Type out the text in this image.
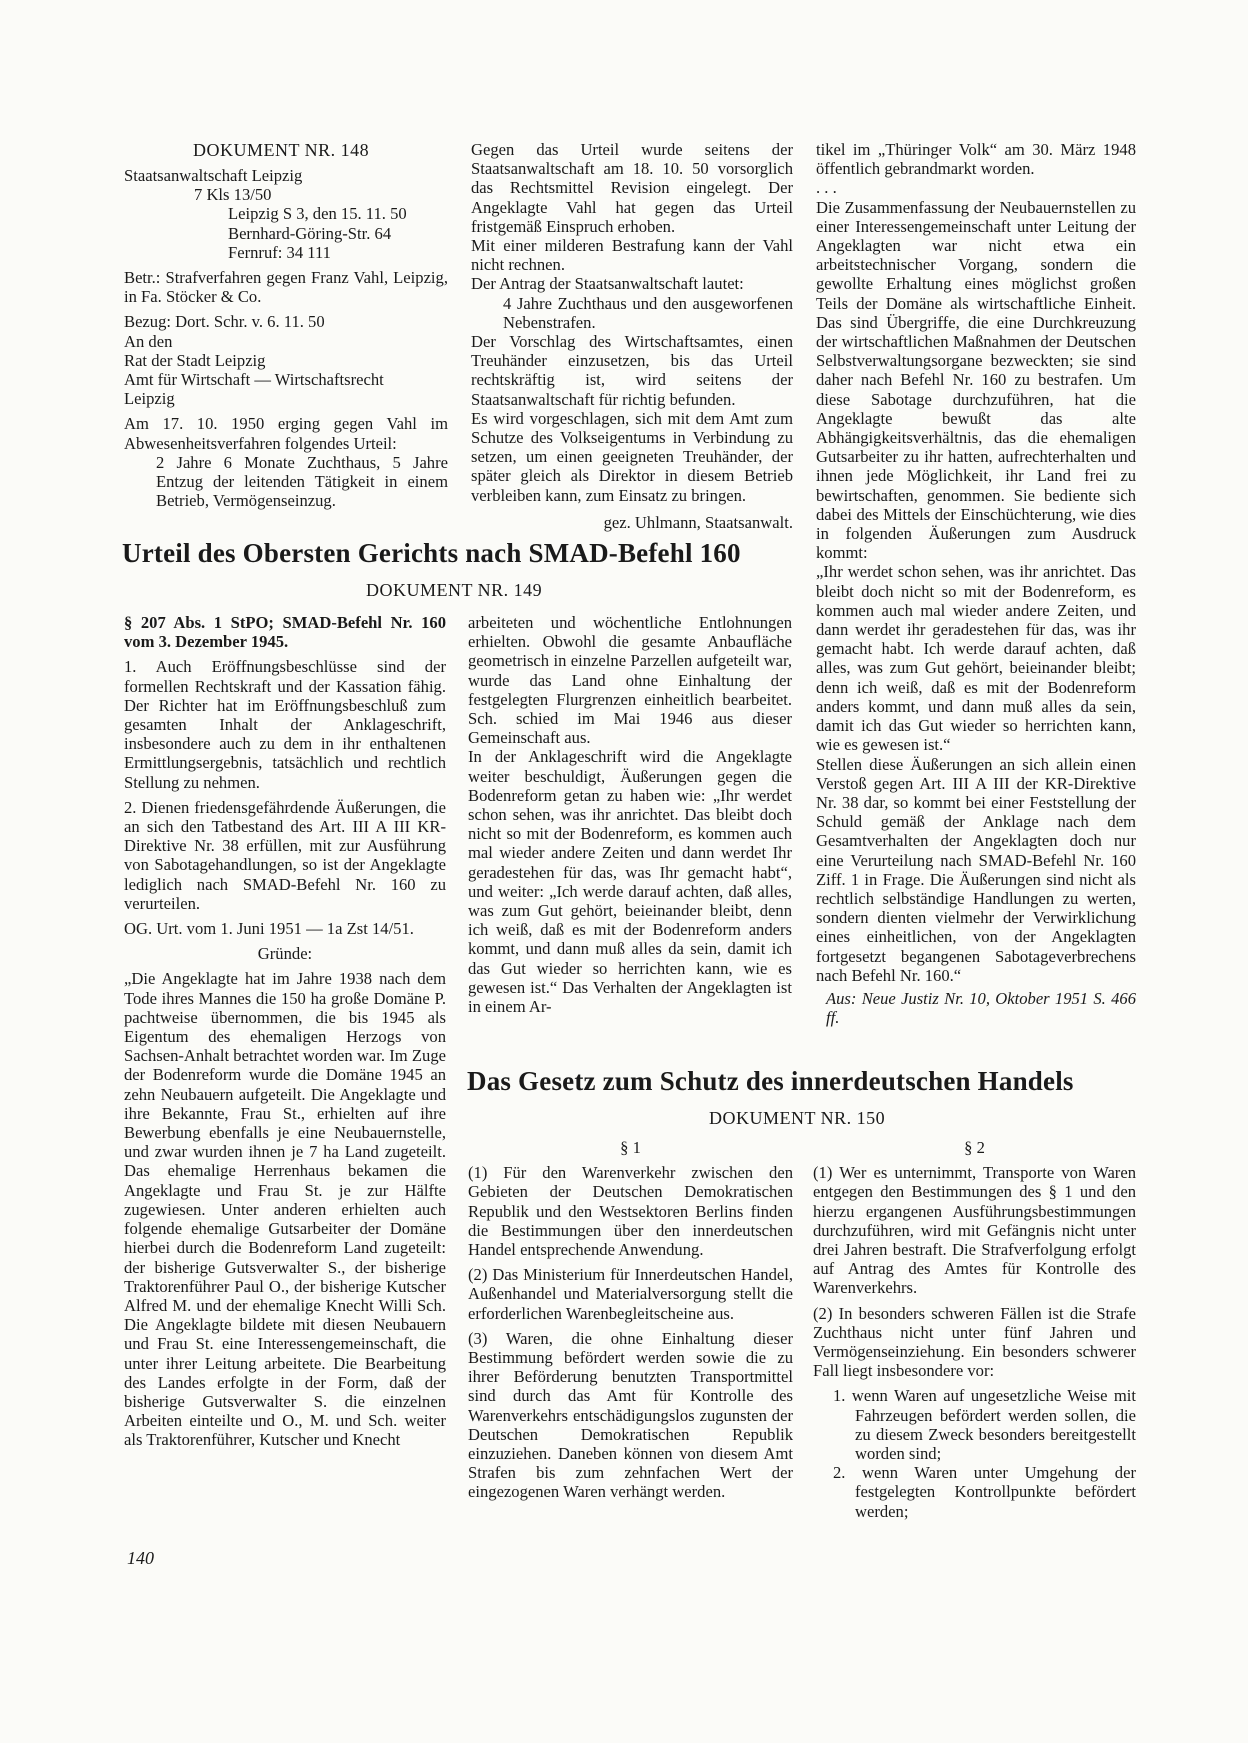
DOKUMENT NR. 148

Staatsanwaltschaft Leipzig

7 Kls 13/50

Leipzig S 3, den 15. 11. 50

Bernhard-Göring-Str. 64

Fernruf: 34 111

Betr.: Strafverfahren gegen Franz Vahl, Leipzig, in Fa. Stöcker & Co.

Bezug: Dort. Schr. v. 6. 11. 50

An den

Rat der Stadt Leipzig

Amt für Wirtschaft — Wirtschaftsrecht

Leipzig

Am 17. 10. 1950 erging gegen Vahl im Abwesenheitsverfahren folgendes Urteil:

2 Jahre 6 Monate Zuchthaus, 5 Jahre Entzug der leitenden Tätigkeit in einem Betrieb, Vermögenseinzug.

Gegen das Urteil wurde seitens der Staatsanwaltschaft am 18. 10. 50 vorsorglich das Rechtsmittel Revision eingelegt. Der Angeklagte Vahl hat gegen das Urteil fristgemäß Einspruch erhoben.

Mit einer milderen Bestrafung kann der Vahl nicht rechnen.

Der Antrag der Staatsanwaltschaft lautet:

4 Jahre Zuchthaus und den ausgeworfenen Nebenstrafen.

Der Vorschlag des Wirtschaftsamtes, einen Treuhänder einzusetzen, bis das Urteil rechtskräftig ist, wird seitens der Staatsanwaltschaft für richtig befunden.

Es wird vorgeschlagen, sich mit dem Amt zum Schutze des Volkseigentums in Verbindung zu setzen, um einen geeigneten Treuhänder, der später gleich als Direktor in diesem Betrieb verbleiben kann, zum Einsatz zu bringen.

gez. Uhlmann, Staatsanwalt.

tikel im „Thüringer Volk“ am 30. März 1948 öffentlich gebrandmarkt worden.

. . .

Die Zusammenfassung der Neubauernstellen zu einer Interessengemeinschaft unter Leitung der Angeklagten war nicht etwa ein arbeitstechnischer Vorgang, sondern die gewollte Erhaltung eines möglichst großen Teils der Domäne als wirtschaftliche Einheit. Das sind Übergriffe, die eine Durchkreuzung der wirtschaftlichen Maßnahmen der Deutschen Selbstverwaltungsorgane bezweckten; sie sind daher nach Befehl Nr. 160 zu bestrafen. Um diese Sabotage durchzuführen, hat die Angeklagte bewußt das alte Abhängigkeitsverhältnis, das die ehemaligen Gutsarbeiter zu ihr hatten, aufrechterhalten und ihnen jede Möglichkeit, ihr Land frei zu bewirtschaften, genommen. Sie bediente sich dabei des Mittels der Einschüchterung, wie dies in folgenden Äußerungen zum Ausdruck kommt:

„Ihr werdet schon sehen, was ihr anrichtet. Das bleibt doch nicht so mit der Bodenreform, es kommen auch mal wieder andere Zeiten, und dann werdet ihr geradestehen für das, was ihr gemacht habt. Ich werde darauf achten, daß alles, was zum Gut gehört, beieinander bleibt; denn ich weiß, daß es mit der Bodenreform anders kommt, und dann muß alles da sein, damit ich das Gut wieder so herrichten kann, wie es gewesen ist.“

Stellen diese Äußerungen an sich allein einen Verstoß gegen Art. III A III der KR-Direktive Nr. 38 dar, so kommt bei einer Feststellung der Schuld gemäß der Anklage nach dem Gesamtverhalten der Angeklagten doch nur eine Verurteilung nach SMAD-Befehl Nr. 160 Ziff. 1 in Frage. Die Äußerungen sind nicht als rechtlich selbständige Handlungen zu werten, sondern dienten vielmehr der Verwirklichung eines einheitlichen, von der Angeklagten fortgesetzt begangenen Sabotageverbrechens nach Befehl Nr. 160.“

Aus: Neue Justiz Nr. 10, Oktober 1951 S. 466 ff.

Urteil des Obersten Gerichts nach SMAD-Befehl 160
DOKUMENT NR. 149

§ 207 Abs. 1 StPO; SMAD-Befehl Nr. 160 vom 3. Dezember 1945.

1. Auch Eröffnungsbeschlüsse sind der formellen Rechtskraft und der Kassation fähig. Der Richter hat im Eröffnungsbeschluß zum gesamten Inhalt der Anklageschrift, insbesondere auch zu dem in ihr enthaltenen Ermittlungsergebnis, tatsächlich und rechtlich Stellung zu nehmen.

2. Dienen friedensgefährdende Äußerungen, die an sich den Tatbestand des Art. III A III KR-Direktive Nr. 38 erfüllen, mit zur Ausführung von Sabotagehandlungen, so ist der Angeklagte lediglich nach SMAD-Befehl Nr. 160 zu verurteilen.

OG. Urt. vom 1. Juni 1951 — 1a Zst 14/51.

Gründe:

„Die Angeklagte hat im Jahre 1938 nach dem Tode ihres Mannes die 150 ha große Domäne P. pachtweise übernommen, die bis 1945 als Eigentum des ehemaligen Herzogs von Sachsen-Anhalt betrachtet worden war. Im Zuge der Bodenreform wurde die Domäne 1945 an zehn Neubauern aufgeteilt. Die Angeklagte und ihre Bekannte, Frau St., erhielten auf ihre Bewerbung ebenfalls je eine Neubauernstelle, und zwar wurden ihnen je 7 ha Land zugeteilt. Das ehemalige Herrenhaus bekamen die Angeklagte und Frau St. je zur Hälfte zugewiesen. Unter anderen erhielten auch folgende ehemalige Gutsarbeiter der Domäne hierbei durch die Bodenreform Land zugeteilt: der bisherige Gutsverwalter S., der bisherige Traktorenführer Paul O., der bisherige Kutscher Alfred M. und der ehemalige Knecht Willi Sch. Die Angeklagte bildete mit diesen Neubauern und Frau St. eine Interessengemeinschaft, die unter ihrer Leitung arbeitete. Die Bearbeitung des Landes erfolgte in der Form, daß der bisherige Gutsverwalter S. die einzelnen Arbeiten einteilte und O., M. und Sch. weiter als Traktorenführer, Kutscher und Knecht

arbeiteten und wöchentliche Entlohnungen erhielten. Obwohl die gesamte Anbaufläche geometrisch in einzelne Parzellen aufgeteilt war, wurde das Land ohne Einhaltung der festgelegten Flurgrenzen einheitlich bearbeitet. Sch. schied im Mai 1946 aus dieser Gemeinschaft aus.

In der Anklageschrift wird die Angeklagte weiter beschuldigt, Äußerungen gegen die Bodenreform getan zu haben wie: „Ihr werdet schon sehen, was ihr anrichtet. Das bleibt doch nicht so mit der Bodenreform, es kommen auch mal wieder andere Zeiten und dann werdet Ihr geradestehen für das, was Ihr gemacht habt“, und weiter: „Ich werde darauf achten, daß alles, was zum Gut gehört, beieinander bleibt, denn ich weiß, daß es mit der Bodenreform anders kommt, und dann muß alles da sein, damit ich das Gut wieder so herrichten kann, wie es gewesen ist.“ Das Verhalten der Angeklagten ist in einem Ar-

Das Gesetz zum Schutz des innerdeutschen Handels
DOKUMENT NR. 150

§ 1

(1) Für den Warenverkehr zwischen den Gebieten der Deutschen Demokratischen Republik und den Westsektoren Berlins finden die Bestimmungen über den innerdeutschen Handel entsprechende Anwendung.

(2) Das Ministerium für Innerdeutschen Handel, Außenhandel und Materialversorgung stellt die erforderlichen Warenbegleitscheine aus.

(3) Waren, die ohne Einhaltung dieser Bestimmung befördert werden sowie die zu ihrer Beförderung benutzten Transportmittel sind durch das Amt für Kontrolle des Warenverkehrs entschädigungslos zugunsten der Deutschen Demokratischen Republik einzuziehen. Daneben können von diesem Amt Strafen bis zum zehnfachen Wert der eingezogenen Waren verhängt werden.

§ 2

(1) Wer es unternimmt, Transporte von Waren entgegen den Bestimmungen des § 1 und den hierzu ergangenen Ausführungsbestimmungen durchzuführen, wird mit Gefängnis nicht unter drei Jahren bestraft. Die Strafverfolgung erfolgt auf Antrag des Amtes für Kontrolle des Warenverkehrs.

(2) In besonders schweren Fällen ist die Strafe Zuchthaus nicht unter fünf Jahren und Vermögenseinziehung. Ein besonders schwerer Fall liegt insbesondere vor:

1. wenn Waren auf ungesetzliche Weise mit Fahrzeugen befördert werden sollen, die zu diesem Zweck besonders bereitgestellt worden sind;

2. wenn Waren unter Umgehung der festgelegten Kontrollpunkte befördert werden;

140
